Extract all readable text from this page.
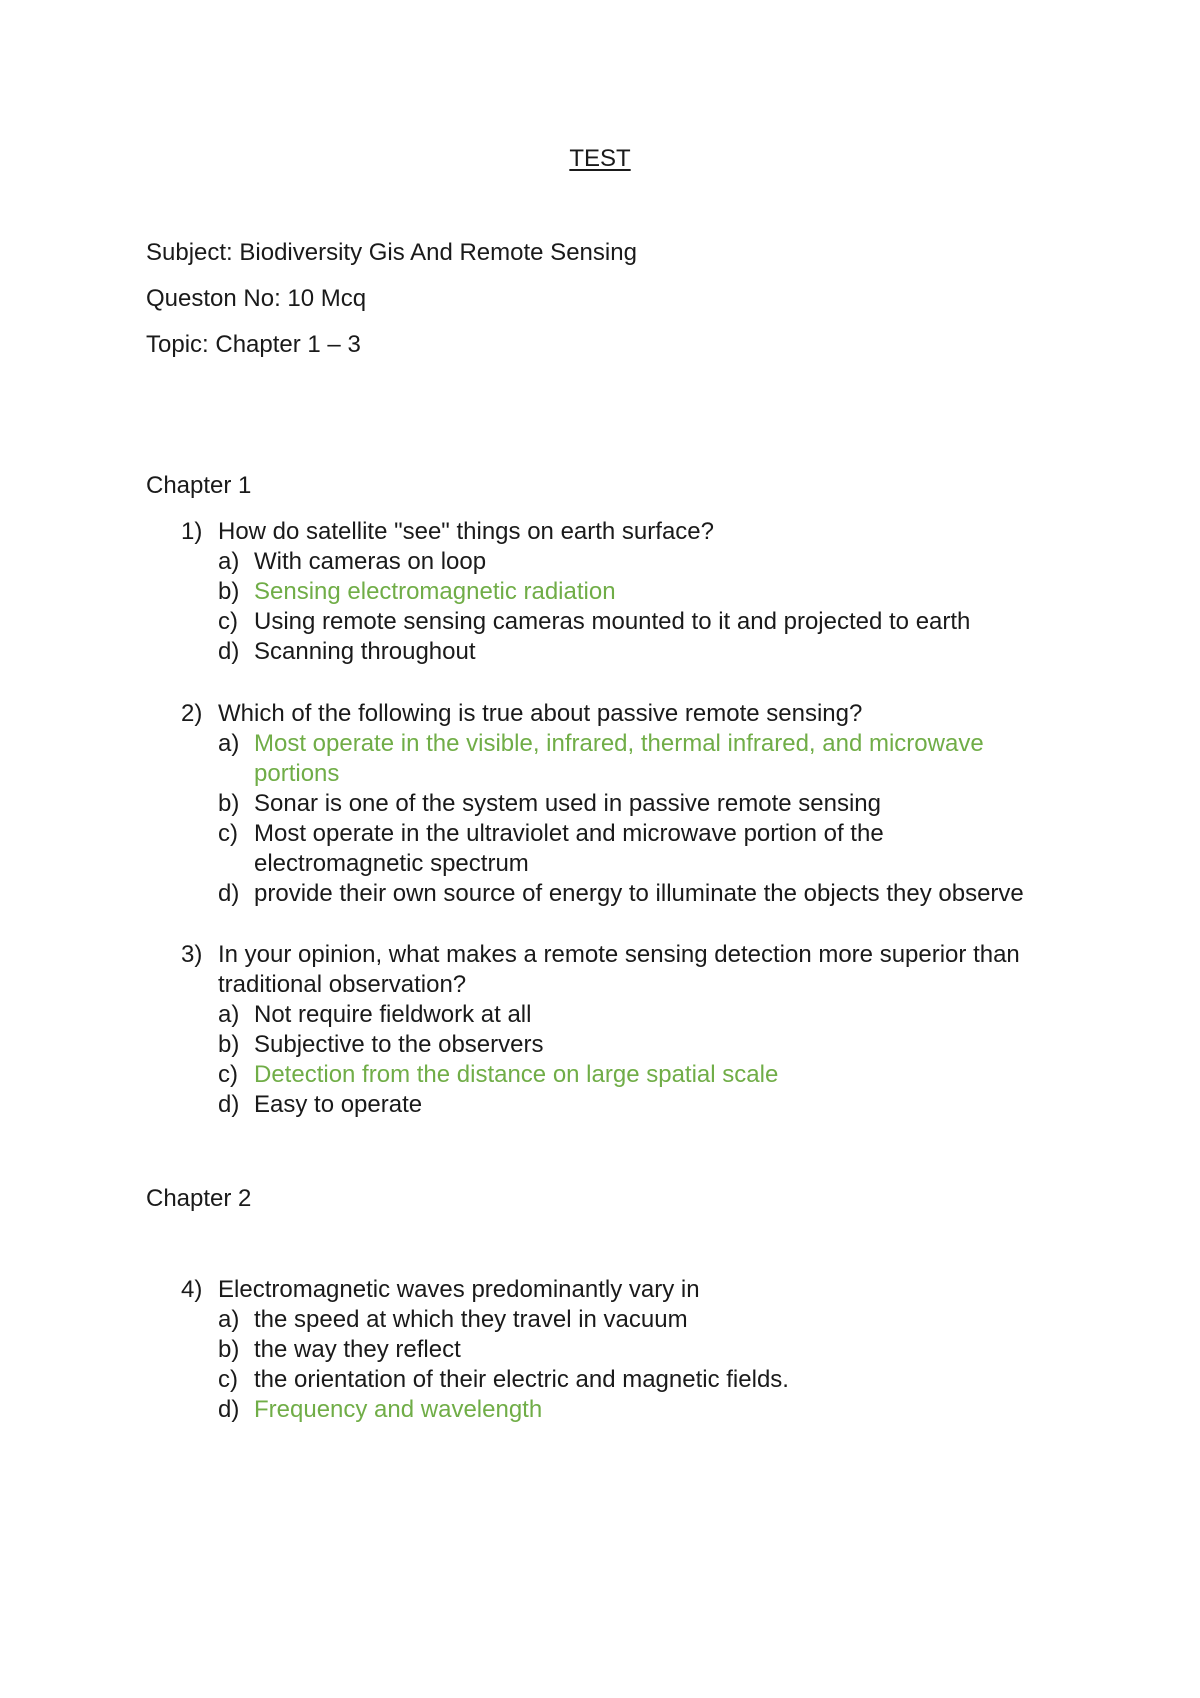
TEST
Subject: Biodiversity Gis And Remote Sensing
Queston No: 10 Mcq
Topic: Chapter 1 – 3
Chapter 1
1) How do satellite "see" things on earth surface?
a) With cameras on loop
b) Sensing electromagnetic radiation
c) Using remote sensing cameras mounted to it and projected to earth
d) Scanning throughout
2) Which of the following is true about passive remote sensing?
a) Most operate in the visible, infrared, thermal infrared, and microwave
portions
b) Sonar is one of the system used in passive remote sensing
c) Most operate in the ultraviolet and microwave portion of the
electromagnetic spectrum
d) provide their own source of energy to illuminate the objects they observe
3) In your opinion, what makes a remote sensing detection more superior than
traditional observation?
a) Not require fieldwork at all
b) Subjective to the observers
c) Detection from the distance on large spatial scale
d) Easy to operate
Chapter 2
4) Electromagnetic waves predominantly vary in
a) the speed at which they travel in vacuum
b) the way they reflect
c) the orientation of their electric and magnetic fields.
d) Frequency and wavelength
